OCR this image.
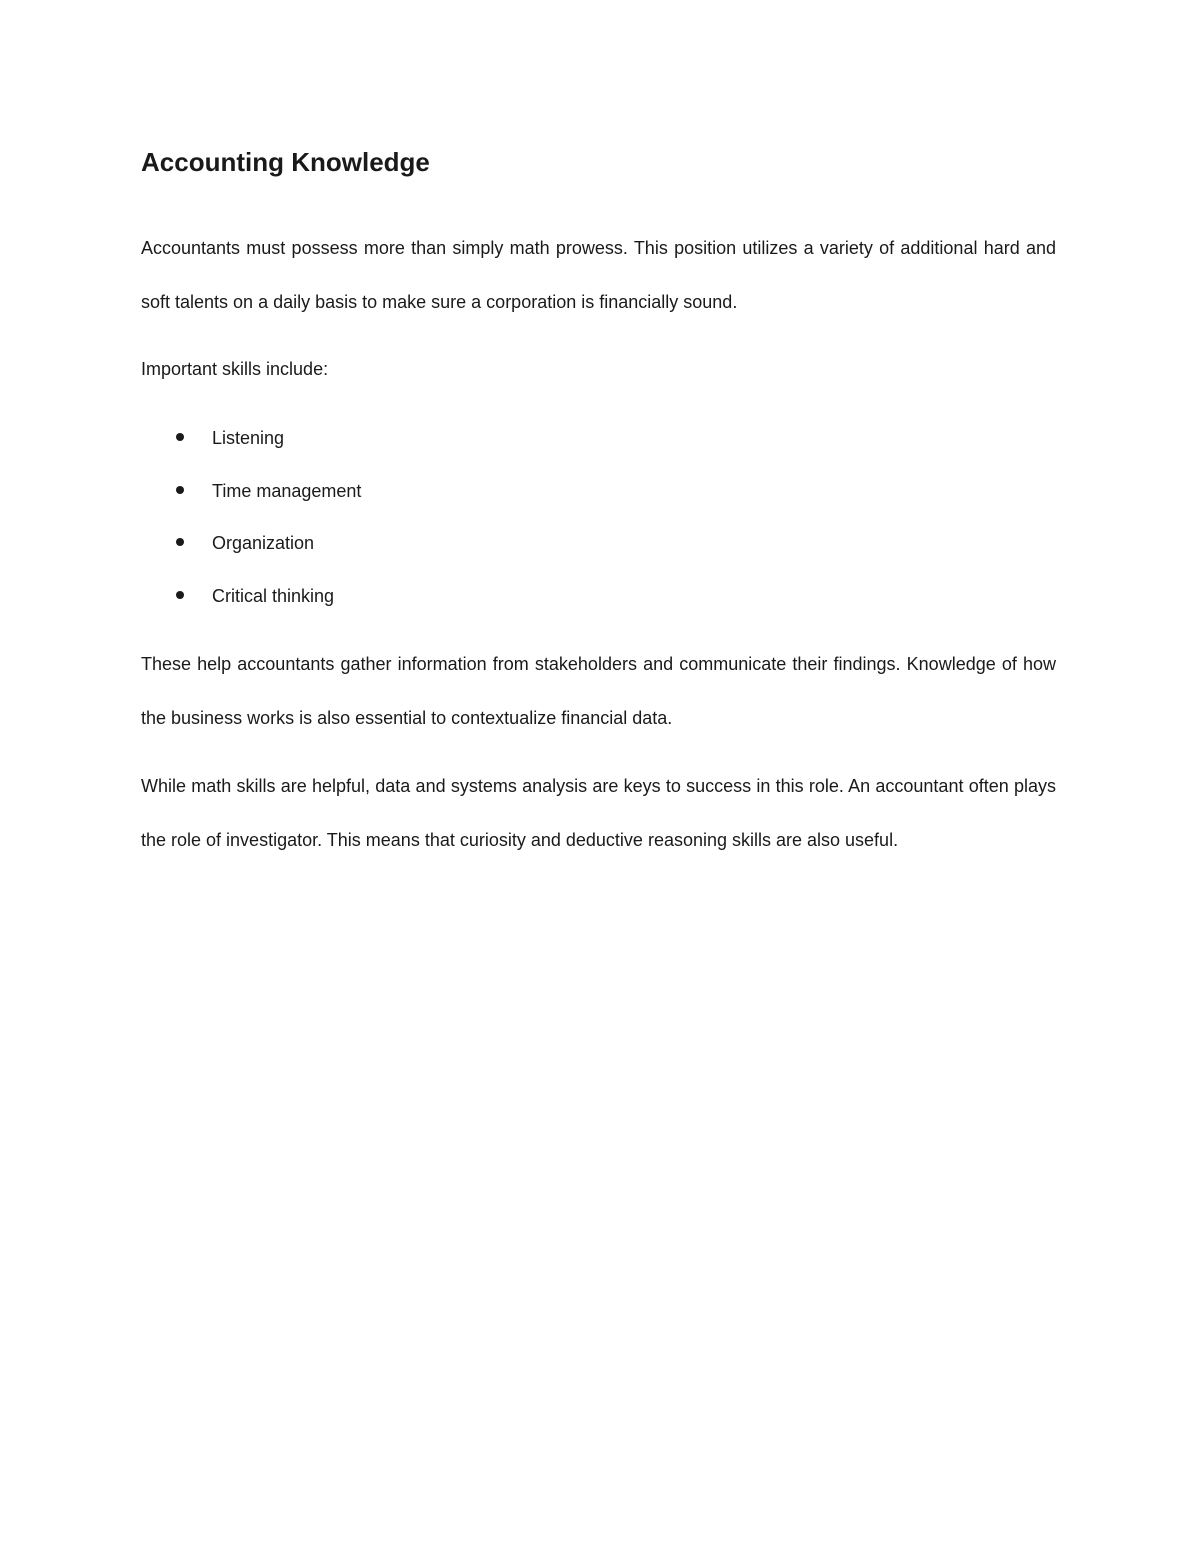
Accounting Knowledge

Accountants must possess more than simply math prowess. This position utilizes a variety of additional hard and soft talents on a daily basis to make sure a corporation is financially sound.

Important skills include:

Listening
Time management
Organization
Critical thinking

These help accountants gather information from stakeholders and communicate their findings. Knowledge of how the business works is also essential to contextualize financial data.

While math skills are helpful, data and systems analysis are keys to success in this role. An accountant often plays the role of investigator. This means that curiosity and deductive reasoning skills are also useful.
